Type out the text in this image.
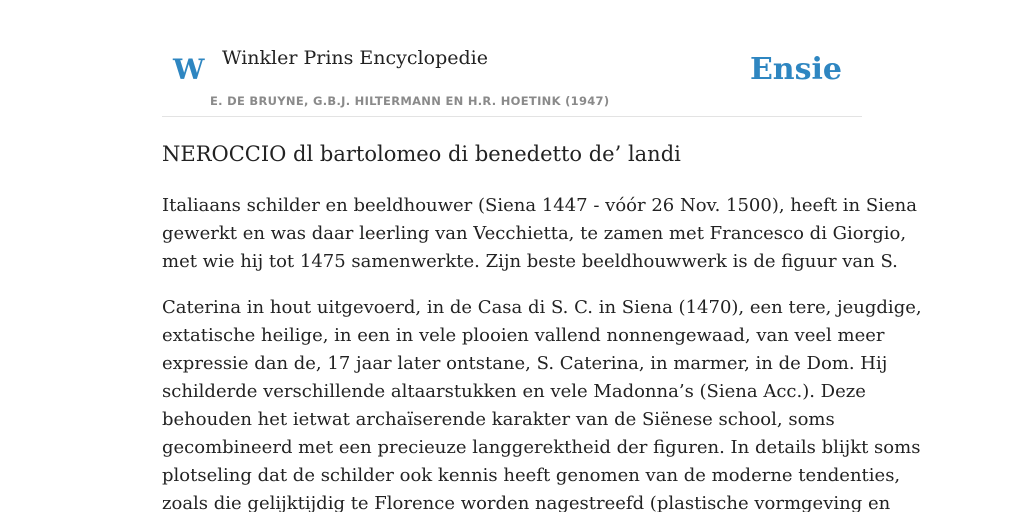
W Winkler Prins Encyclopedie
E. DE BRUYNE, G.B.J. HILTERMANN EN H.R. HOETINK (1947)
Ensie
NEROCCIO dl bartolomeo di benedetto de’ landi

Italiaans schilder en beeldhouwer (Siena 1447 - vóór 26 Nov. 1500), heeft in Siena
gewerkt en was daar leerling van Vecchietta, te zamen met Francesco di Giorgio,
met wie hij tot 1475 samenwerkte. Zijn beste beeldhouwwerk is de figuur van S.

Caterina in hout uitgevoerd, in de Casa di S. C. in Siena (1470), een tere, jeugdige,
extatische heilige, in een in vele plooien vallend nonnengewaad, van veel meer
expressie dan de, 17 jaar later ontstane, S. Caterina, in marmer, in de Dom. Hij
schilderde verschillende altaarstukken en vele Madonna’s (Siena Acc.). Deze
behouden het ietwat archaïserende karakter van de Siënese school, soms
gecombineerd met een precieuze langgerektheid der figuren. In details blijkt soms
plotseling dat de schilder ook kennis heeft genomen van de moderne tendenties,
zoals die gelijktijdig te Florence worden nagestreefd (plastische vormgeving en
